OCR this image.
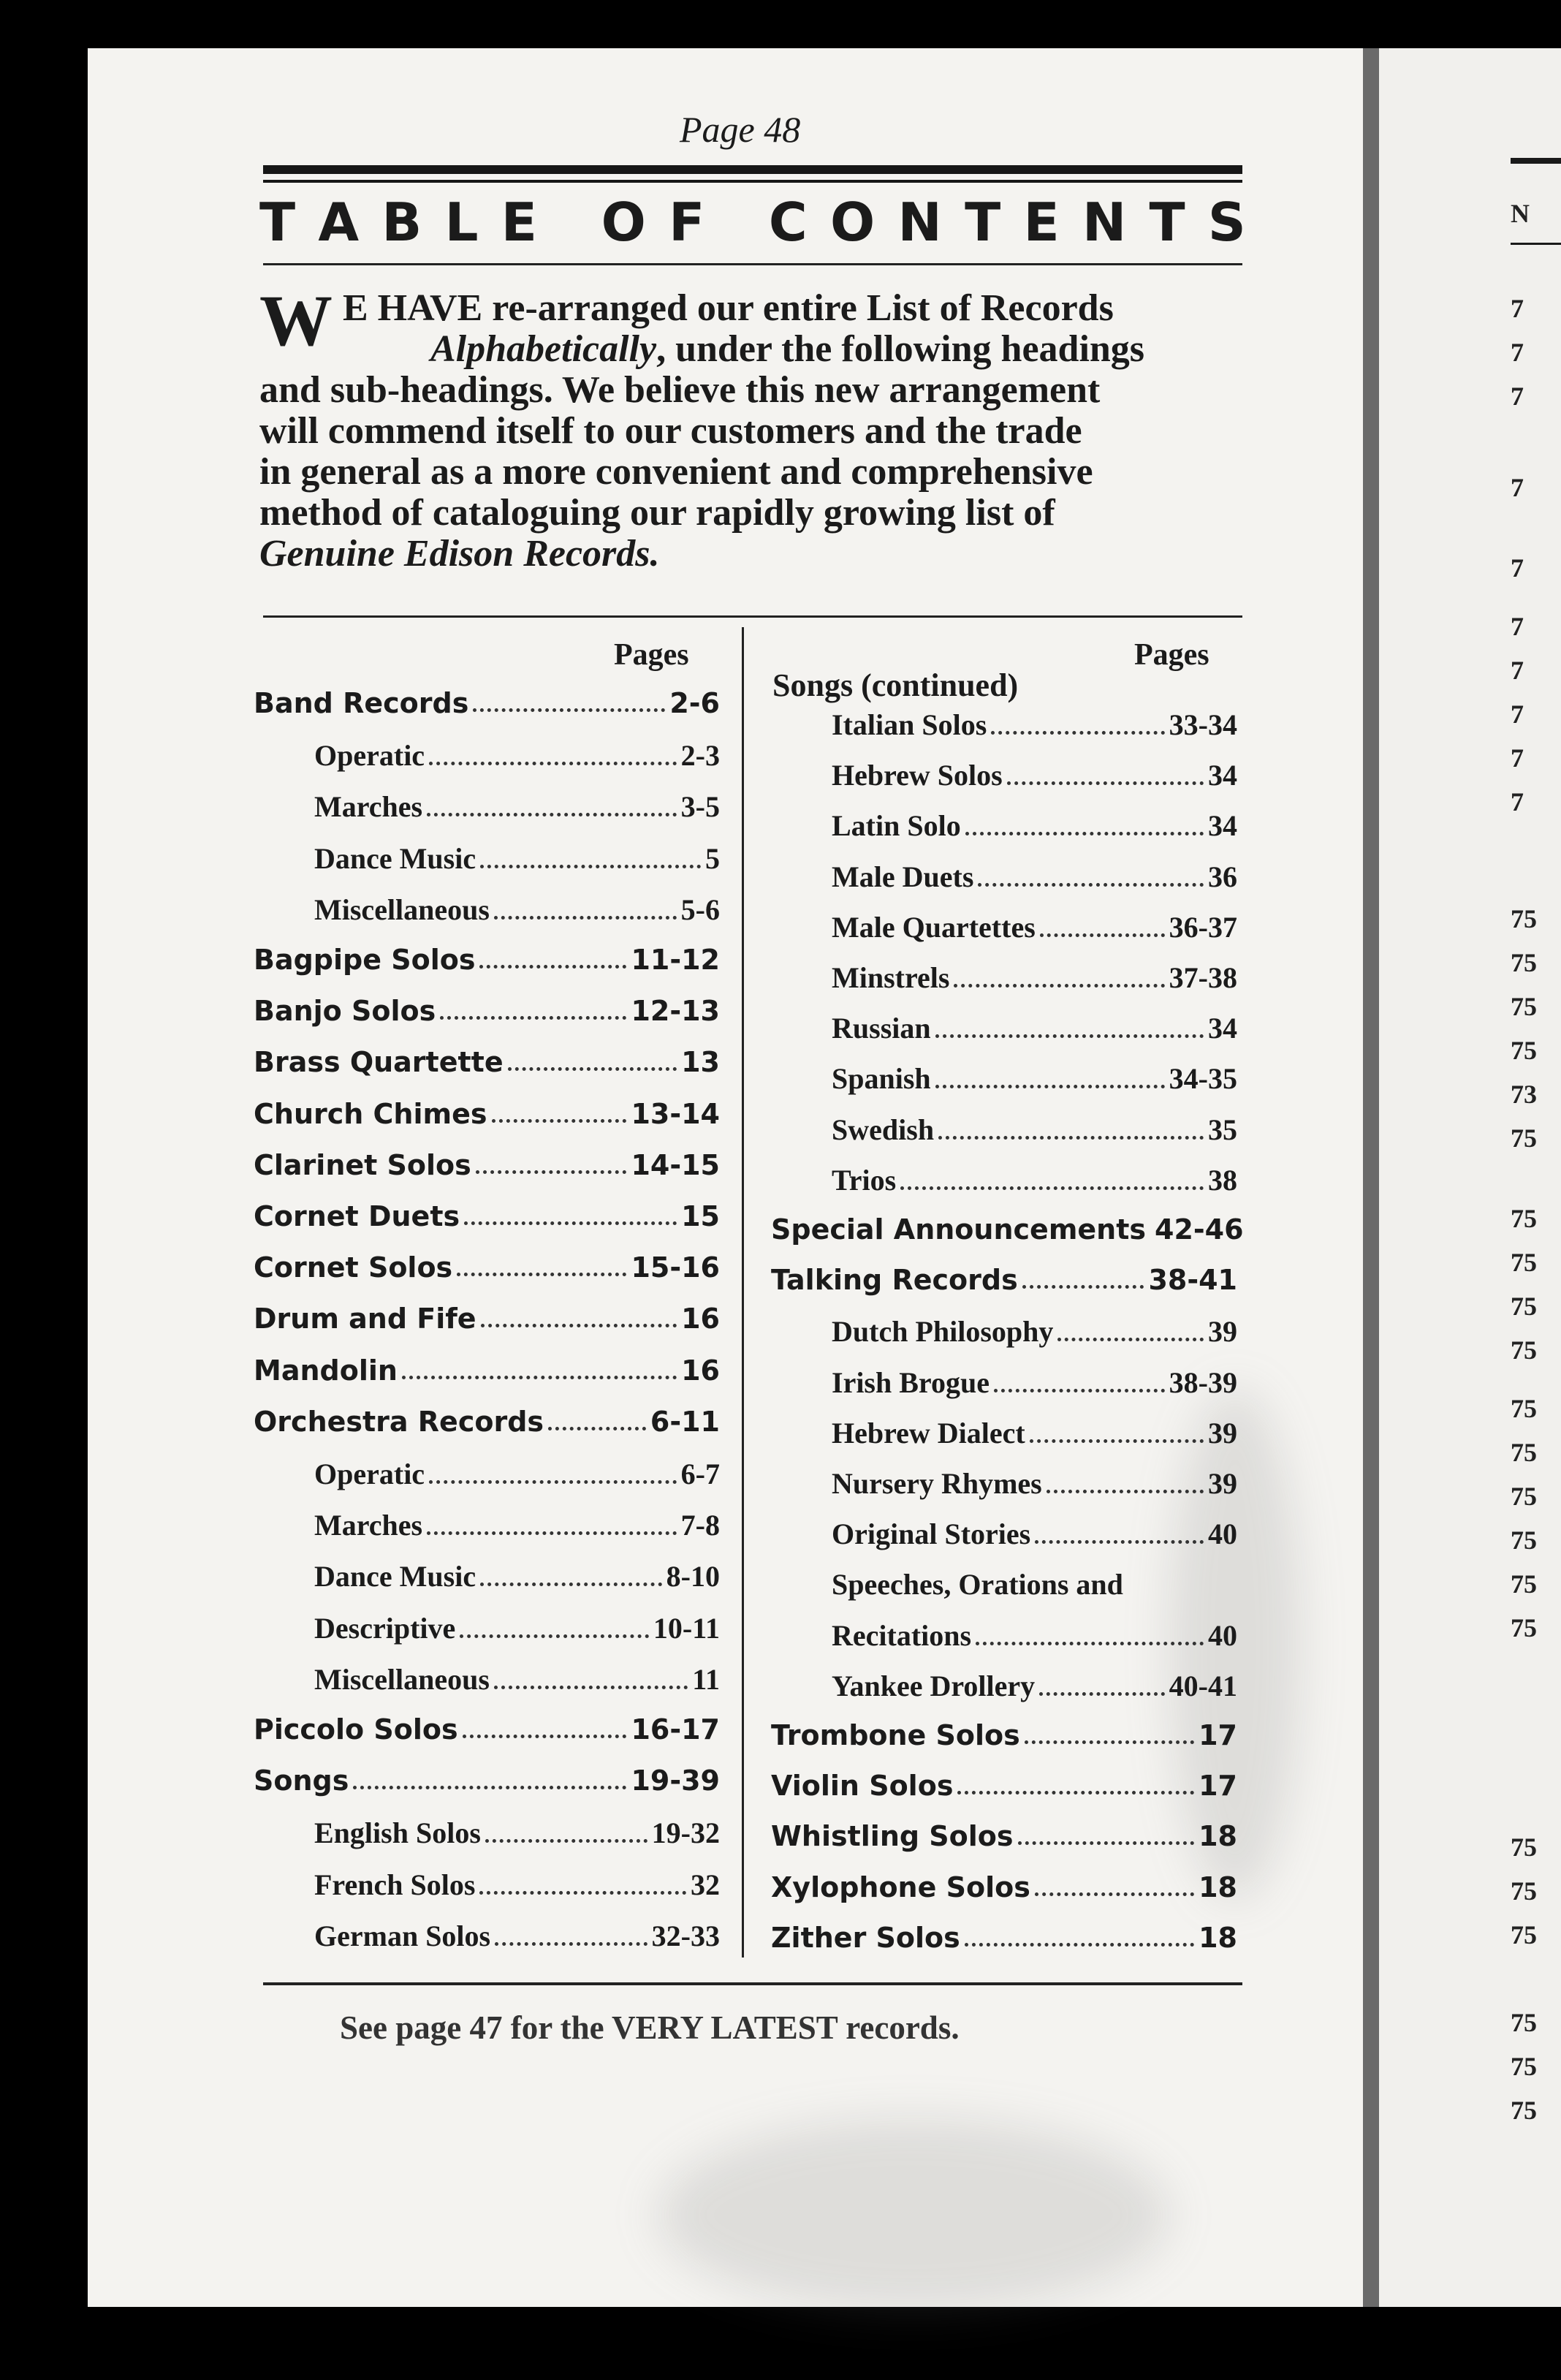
N
7
7
7
7
7
7
7
7
7
7
75
75
75
75
73
75
75
75
75
75
75
75
75
75
75
75
75
75
75
75
75
75
Page 48
T A B L E
O F
C O N T E N T S
W E HAVE re-arranged our entire List of Records

Alphabetically, under the following headings

and sub-headings. We believe this new arrangement

will commend itself to our customers and the trade

in general as a more convenient and comprehensive

method of cataloguing our rapidly growing list of

Genuine Edison Records.

Pages	Pages
Songs (continued)
Band Records	2-6
Operatic	2-3
Marches	3-5
Dance Music	5
Miscellaneous	5-6
Bagpipe Solos	11-12
Banjo Solos	12-13
Brass Quartette	13
Church Chimes	13-14
Clarinet Solos	14-15
Cornet Duets	15
Cornet Solos	15-16
Drum and Fife	16
Mandolin	16
Orchestra Records	6-11
Operatic	6-7
Marches	7-8
Dance Music	8-10
Descriptive	10-11
Miscellaneous	11
Piccolo Solos	16-17
Songs	19-39
English Solos	19-32
French Solos	32
German Solos	32-33
Italian Solos	33-34
Hebrew Solos	34
Latin Solo	34
Male Duets	36
Male Quartettes	36-37
Minstrels	37-38
Russian	34
Spanish	34-35
Swedish	35
Trios	38
Special Announcements 42-46
Talking Records	38-41
Dutch Philosophy	39
Irish Brogue	38-39
Hebrew Dialect	39
Nursery Rhymes	39
Original Stories	40
Speeches, Orations and
Recitations	40
Yankee Drollery	40-41
Trombone Solos	17
Violin Solos	17
Whistling Solos	18
Xylophone Solos	18
Zither Solos	18
See page 47 for the VERY LATEST records.
